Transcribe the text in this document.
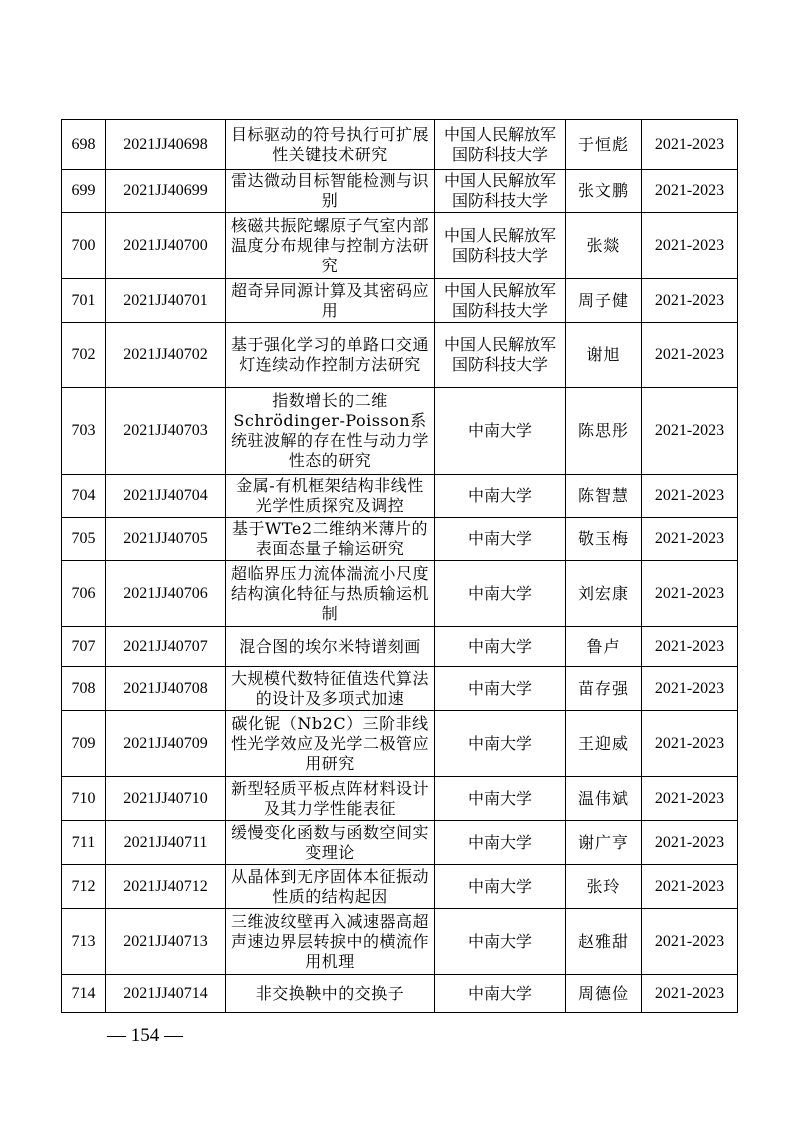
698	2021JJ40698	目标驱动的符号执行可扩展性关键技术研究	中国人民解放军国防科技大学	于恒彪	2021-2023
699	2021JJ40699	雷达微动目标智能检测与识别	中国人民解放军国防科技大学	张文鹏	2021-2023
700	2021JJ40700	核磁共振陀螺原子气室内部温度分布规律与控制方法研究	中国人民解放军国防科技大学	张燚	2021-2023
701	2021JJ40701	超奇异同源计算及其密码应用	中国人民解放军国防科技大学	周子健	2021-2023
702	2021JJ40702	基于强化学习的单路口交通灯连续动作控制方法研究	中国人民解放军国防科技大学	谢旭	2021-2023
703	2021JJ40703	指数增长的二维Schrödinger-Poisson系统驻波解的存在性与动力学性态的研究	中南大学	陈思彤	2021-2023
704	2021JJ40704	金属-有机框架结构非线性光学性质探究及调控	中南大学	陈智慧	2021-2023
705	2021JJ40705	基于WTe2二维纳米薄片的表面态量子输运研究	中南大学	敬玉梅	2021-2023
706	2021JJ40706	超临界压力流体湍流小尺度结构演化特征与热质输运机制	中南大学	刘宏康	2021-2023
707	2021JJ40707	混合图的埃尔米特谱刻画	中南大学	鲁卢	2021-2023
708	2021JJ40708	大规模代数特征值迭代算法的设计及多项式加速	中南大学	苗存强	2021-2023
709	2021JJ40709	碳化铌（Nb2C）三阶非线性光学效应及光学二极管应用研究	中南大学	王迎威	2021-2023
710	2021JJ40710	新型轻质平板点阵材料设计及其力学性能表征	中南大学	温伟斌	2021-2023
711	2021JJ40711	缓慢变化函数与函数空间实变理论	中南大学	谢广亨	2021-2023
712	2021JJ40712	从晶体到无序固体本征振动性质的结构起因	中南大学	张玲	2021-2023
713	2021JJ40713	三维波纹壁再入减速器高超声速边界层转捩中的横流作用机理	中南大学	赵雅甜	2021-2023
714	2021JJ40714	非交换鞅中的交换子	中南大学	周德俭	2021-2023
— 154 —
